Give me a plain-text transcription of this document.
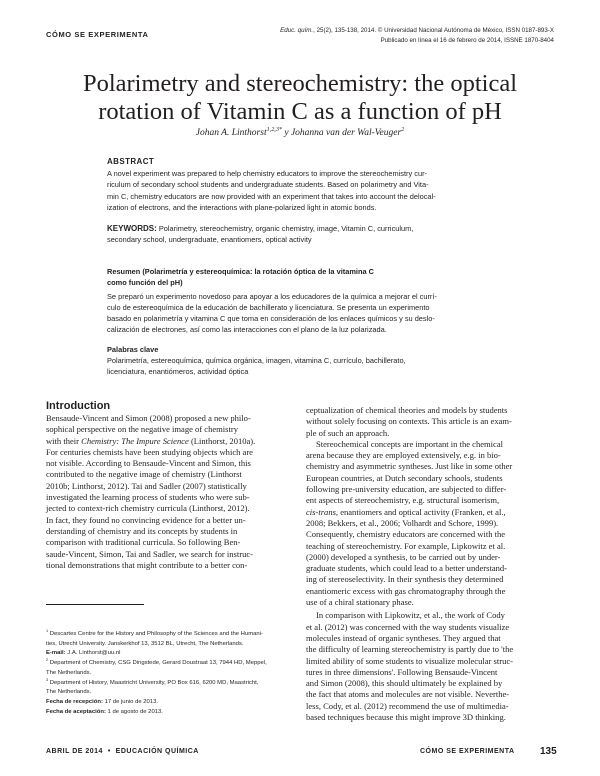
CÓMO SE EXPERIMENTA	Educ. quím., 25(2), 135-138, 2014. © Universidad Nacional Autónoma de México, ISSN 0187-893-X
Publicado en línea el 16 de febrero de 2014, ISSNE 1870-8404
Polarimetry and stereochemistry: the optical
rotation of Vitamin C as a function of pH
Johan A. Linthorst$^{1,2,3*}$ y Johanna van der Wal-Veuger$^2$
ABSTRACT
A novel experiment was prepared to help chemistry educators to improve the stereochemistry cur-
riculum of secondary school students and undergraduate students. Based on polarimetry and Vita-
min C, chemistry educators are now provided with an experiment that takes into account the delocal-
ization of electrons, and the interactions with plane-polarized light in atomic bonds.
KEYWORDS: Polarimetry, stereochemistry, organic chemistry, image, Vitamin C, curriculum,
secondary school, undergraduate, enantiomers, optical activity
Resumen (Polarimetría y estereoquímica: la rotación óptica de la vitamina C
como función del pH)
Se preparó un experimento novedoso para apoyar a los educadores de la química a mejorar el currí-
culo de estereoquímica de la educación de bachillerato y licenciatura. Se presenta un experimento
basado en polarimetría y vitamina C que toma en consideración de los enlaces químicos y su deslo-
calización de electrones, así como las interacciones con el plano de la luz polarizada.
Palabras clave
Polarimetría, estereoquímica, química orgánica, imagen, vitamina C, currículo, bachillerato,
licenciatura, enantiómeros, actividad óptica
Introduction
Bensaude-Vincent and Simon (2008) proposed a new philo-
sophical perspective on the negative image of chemistry
with their Chemistry: The Impure Science (Linthorst, 2010a).
For centuries chemists have been studying objects which are
not visible. According to Bensaude-Vincent and Simon, this
contributed to the negative image of chemistry (Linthorst
2010b; Linthorst, 2012). Tai and Sadler (2007) statistically
investigated the learning process of students who were sub-
jected to context-rich chemistry curricula (Linthorst, 2012).
In fact, they found no convincing evidence for a better un-
derstanding of chemistry and its concepts by students in
comparison with traditional curricula. So following Ben-
saude-Vincent, Simon, Tai and Sadler, we search for instruc-
tional demonstrations that might contribute to a better con-
$^1$ Descartes Centre for the History and Philosophy of the Sciences and the Humani-
ties, Utrecht University. Janskerkhof 13, 3512 BL, Utrecht, The Netherlands.
E-mail: J.A. Linthorst@uu.nl
$^2$ Department of Chemistry, CSG Dingstede, Gerard Doustraat 13, 7944 HD, Meppel,
The Netherlands.
$^3$ Department of History, Maastricht University, PO Box 616, 6200 MD, Maastricht,
The Netherlands.
Fecha de recepción: 17 de junio de 2013.
Fecha de aceptación: 1 de agosto de 2013.
ceptualization of chemical theories and models by students
without solely focusing on contexts. This article is an exam-
ple of such an approach.
Stereochemical concepts are important in the chemical
arena because they are employed extensively, e.g. in bio-
chemistry and asymmetric syntheses. Just like in some other
European countries, at Dutch secondary schools, students
following pre-university education, are subjected to differ-
ent aspects of stereochemistry, e.g. structural isomerism,
cis-trans, enantiomers and optical activity (Franken, et al.,
2008; Bekkers, et al., 2006; Volhardt and Schore, 1999).
Consequently, chemistry educators are concerned with the
teaching of stereochemistry. For example, Lipkowitz et al.
(2000) developed a synthesis, to be carried out by under-
graduate students, which could lead to a better understand-
ing of stereoselectivity. In their synthesis they determined
enantiomeric excess with gas chromatography through the
use of a chiral stationary phase.
In comparison with Lipkowitz, et al., the work of Cody
et al. (2012) was concerned with the way students visualize
molecules instead of organic syntheses. They argued that
the difficulty of learning stereochemistry is partly due to 'the
limited ability of some students to visualize molecular struc-
tures in three dimensions'. Following Bensaude-Vincent
and Simon (2008), this should ultimately be explained by
the fact that atoms and molecules are not visible. Neverthe-
less, Cody, et al. (2012) recommend the use of multimedia-
based techniques because this might improve 3D thinking.
ABRIL DE 2014  •  EDUCACIÓN QUÍMICA	CÓMO SE EXPERIMENTA	135
